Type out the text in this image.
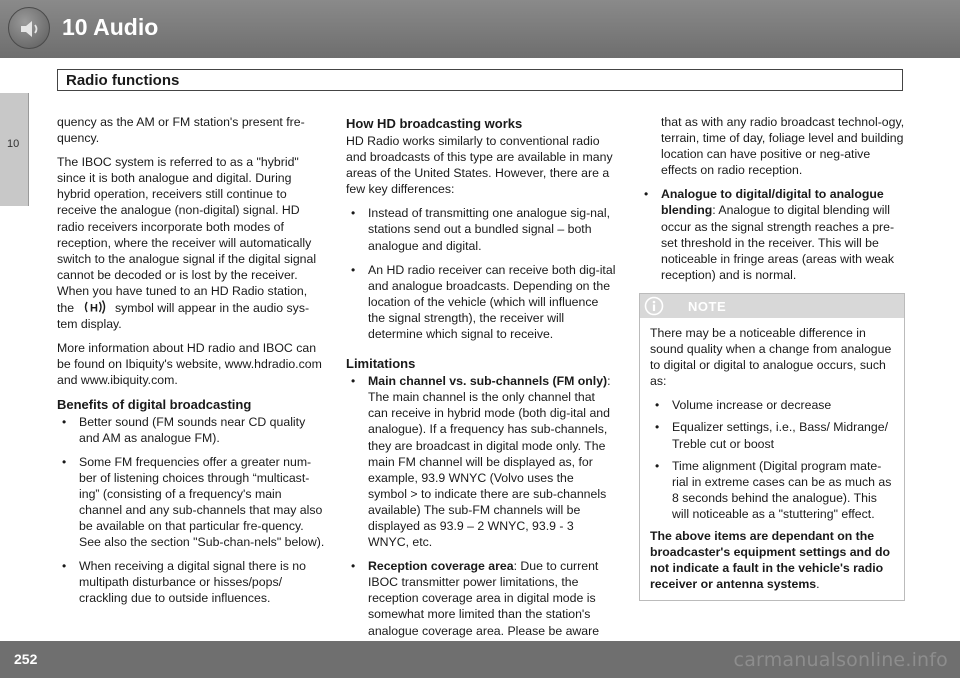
10 Audio
Radio functions
10

quency as the AM or FM station's present fre-quency.

The IBOC system is referred to as a "hybrid" since it is both analogue and digital. During hybrid operation, receivers still continue to receive the analogue (non-digital) signal. HD radio receivers incorporate both modes of reception, where the receiver will automatically switch to the analogue signal if the digital signal cannot be decoded or is lost by the receiver. When you have tuned to an HD Radio station, the H symbol will appear in the audio sys-tem display.

More information about HD radio and IBOC can be found on Ibiquity's website, www.hdradio.com and www.ibiquity.com.

Benefits of digital broadcasting
• Better sound (FM sounds near CD quality and AM as analogue FM).
• Some FM frequencies offer a greater num-ber of listening choices through “multicast-ing” (consisting of a frequency's main channel and any sub-channels that may also be available on that particular fre-quency. See also the section "Sub-chan-nels" below).
• When receiving a digital signal there is no multipath disturbance or hisses/pops/ crackling due to outside influences.
How HD broadcasting works

HD Radio works similarly to conventional radio and broadcasts of this type are available in many areas of the United States. However, there are a few key differences:

• Instead of transmitting one analogue sig-nal, stations send out a bundled signal – both analogue and digital.
• An HD radio receiver can receive both dig-ital and analogue broadcasts. Depending on the location of the vehicle (which will influence the signal strength), the receiver will determine which signal to receive.
Limitations
• Main channel vs. sub-channels (FM only): The main channel is the only channel that can receive in hybrid mode (both dig-ital and analogue). If a frequency has sub-channels, they are broadcast in digital mode only. The main FM channel will be displayed as, for example, 93.9 WNYC (Volvo uses the symbol > to indicate there are sub-channels available) The sub-FM channels will be displayed as 93.9 – 2 WNYC, 93.9 - 3 WNYC, etc.
• Reception coverage area: Due to current IBOC transmitter power limitations, the reception coverage area in digital mode is somewhat more limited than the station's analogue coverage area. Please be aware

that as with any radio broadcast technol-ogy, terrain, time of day, foliage level and building location can have positive or neg-ative effects on radio reception.

• Analogue to digital/digital to analogue blending: Analogue to digital blending will occur as the signal strength reaches a pre-set threshold in the receiver. This will be noticeable in fringe areas (areas with weak reception) and is normal.
NOTE

There may be a noticeable difference in sound quality when a change from analogue to digital or digital to analogue occurs, such as:

• Volume increase or decrease
• Equalizer settings, i.e., Bass/ Midrange/ Treble cut or boost
• Time alignment (Digital program mate-rial in extreme cases can be as much as 8 seconds behind the analogue). This will noticeable as a "stuttering" effect.

The above items are dependant on the broadcaster's equipment settings and do not indicate a fault in the vehicle's radio receiver or antenna systems.

252	carmanualsonline.info
